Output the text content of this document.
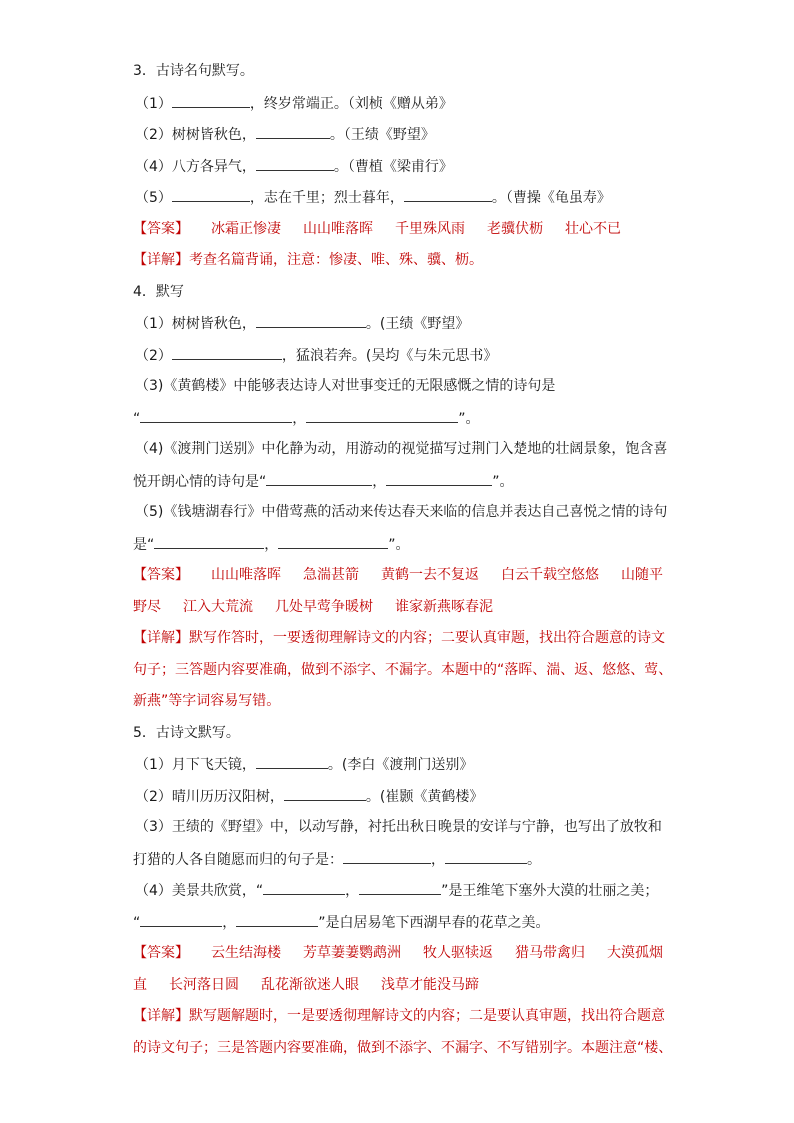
3．古诗名句默写。
（1）	，终岁常端正。（刘桢《赠从弟》
（2）树树皆秋色，	。（王绩《野望》
（4）八方各异气，	。（曹植《梁甫行》
（5）	，志在千里；烈士暮年，	。（曹操《龟虽寿》
【答案】 冰霜正惨凄 山山唯落晖 千里殊风雨 老骥伏枥 壮心不已
【详解】考查名篇背诵，注意：惨凄、唯、殊、骥、枥。
4．默写
（1）树树皆秋色，	。(王绩《野望》
（2）	，猛浪若奔。(吴均《与朱元思书》
（3)《黄鹤楼》中能够表达诗人对世事变迁的无限感慨之情的诗句是
“	，	”。
（4)《渡荆门送别》中化静为动，用游动的视觉描写过荆门入楚地的壮阔景象，饱含喜
悦开朗心情的诗句是“	，	”。
（5)《钱塘湖春行》中借莺燕的活动来传达春天来临的信息并表达自己喜悦之情的诗句
是“	，	”。
【答案】 山山唯落晖 急湍甚箭 黄鹤一去不复返 白云千载空悠悠 山随平
野尽 江入大荒流 几处早莺争暖树 谁家新燕啄春泥
【详解】默写作答时，一要透彻理解诗文的内容；二要认真审题，找出符合题意的诗文
句子；三答题内容要准确，做到不添字、不漏字。本题中的“落晖、湍、返、悠悠、莺、
新燕”等字词容易写错。
5．古诗文默写。
（1）月下飞天镜，	。(李白《渡荆门送别》
（2）晴川历历汉阳树，	。(崔颢《黄鹤楼》
（3）王绩的《野望》中，以动写静，衬托出秋日晚景的安详与宁静，也写出了放牧和
打猎的人各自随愿而归的句子是：	，	。
（4）美景共欣赏，“	，	”是王维笔下塞外大漠的壮丽之美；
“	，	”是白居易笔下西湖早春的花草之美。
【答案】 云生结海楼 芳草萋萋鹦鹉洲 牧人驱犊返 猎马带禽归 大漠孤烟
直 长河落日圆 乱花渐欲迷人眼 浅草才能没马蹄
【详解】默写题解题时，一是要透彻理解诗文的内容；二是要认真审题，找出符合题意
的诗文句子；三是答题内容要准确，做到不添字、不漏字、不写错别字。本题注意“楼、
